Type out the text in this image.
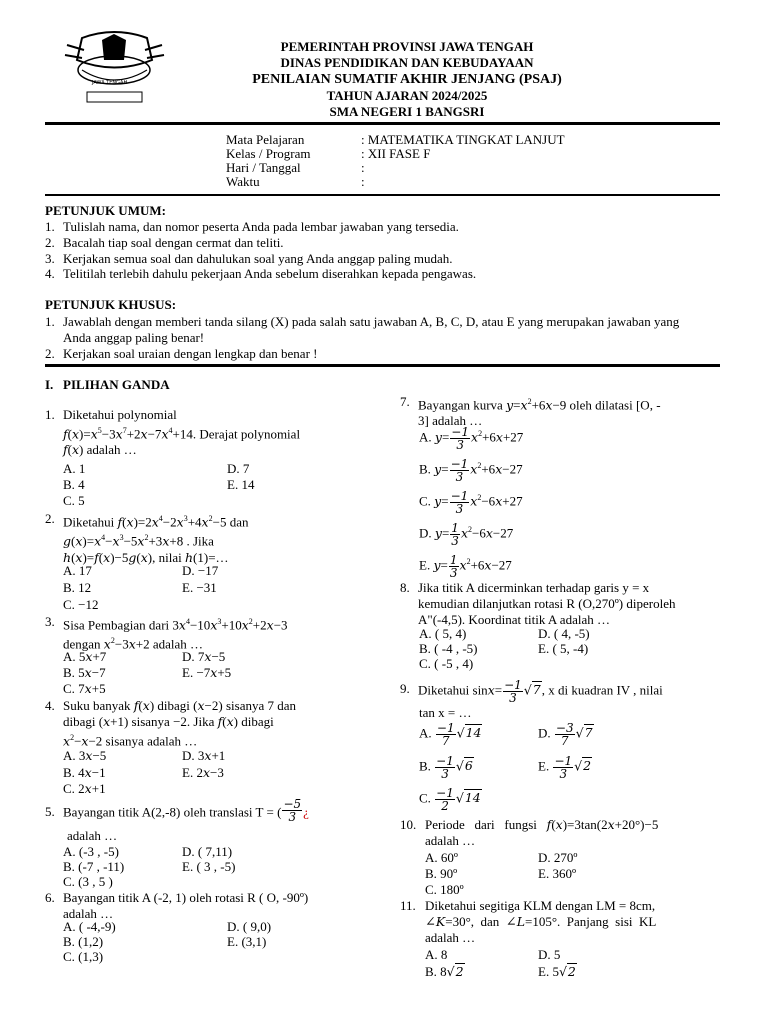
JAWA TENGAH
PEMERINTAH PROVINSI JAWA TENGAH
DINAS PENDIDIKAN DAN KEBUDAYAAN
PENILAIAN SUMATIF AKHIR JENJANG (PSAJ)
TAHUN AJARAN 2024/2025
SMA NEGERI 1 BANGSRI
Mata Pelajaran	: MATEMATIKA TINGKAT LANJUT
Kelas / Program	: XII FASE F
Hari / Tanggal	:
Waktu	:
PETUNJUK UMUM:
1. Tulislah nama, dan nomor peserta Anda pada lembar jawaban yang tersedia.
2. Bacalah tiap soal dengan cermat dan teliti.
3. Kerjakan semua soal dan dahulukan soal yang Anda anggap paling mudah.
4. Telitilah terlebih dahulu pekerjaan Anda sebelum diserahkan kepada pengawas.
PETUNJUK KHUSUS:
1. Jawablah dengan memberi tanda silang (X) pada salah satu jawaban A, B, C, D, atau E yang merupakan jawaban yang
Anda anggap paling benar!
2. Kerjakan soal uraian dengan lengkap dan benar !
I.   PILIHAN GANDA
1. Diketahui polynomial
$f(x)=x^5-3x^7+2x-7x^4+14$. Derajat polynomial
f(x) adalah …
A. 1	D. 7
B. 4	E. 14
C. 5
2. Diketahui $f(x)=2x^4-2x^3+4x^2-5$ dan
$g(x)=x^4-x^3-5x^2+3x+8$ . Jika
h(x)=f(x)−5g(x), nilai h(1)=…
A. 17	D. −17
B. 12	E. −31
C. −12
3. Sisa Pembagian dari $3x^4-10x^3+10x^2+2x-3$
dengan $x^2-3x+2$ adalah …
A. 5x+7	D. 7x−5
B. 5x−7	E. −7x+5
C. 7x+5
4. Suku banyak f(x) dibagi (x−2) sisanya 7 dan
dibagi (x+1) sisanya −2. Jika f(x) dibagi
$x^2-x-2$ sisanya adalah …
A. 3x−5	D. 3x+1
B. 4x−1	E. 2x−3
C. 2x+1
5. Bayangan titik A(2,-8) oleh translasi T = ( $\frac{-5}{3}$ ¿
adalah …
A. (-3 , -5)	D. ( 7,11)
B. (-7 , -11)	E. ( 3 , -5)
C. (3 , 5 )
6. Bayangan titik A (-2, 1) oleh rotasi R ( O, -90º)
adalah …
A. ( -4,-9)	D. ( 9,0)
B. (1,2)	E. (3,1)
C. (1,3)
7. Bayangan kurva $y=x^2+6x-9$ oleh dilatasi [O, -
3] adalah …
A. $y= \frac{-1}{3} x^2+6x+27$
B. $y= \frac{-1}{3} x^2+6x-27$
C. $y= \frac{-1}{3} x^2-6x+27$
D. $y= \frac{1}{3} x^2-6x-27$
E. $y= \frac{1}{3} x^2+6x-27$
8. Jika titik A dicerminkan terhadap garis y = x
kemudian dilanjutkan rotasi R (O,270º) diperoleh
A"(-4,5). Koordinat titik A adalah …
A. ( 5, 4)	D. ( 4, -5)
B. ( -4 , -5)	E. ( 5, -4)
C. ( -5 , 4)
9. Diketahui $\sin x= \frac{-1}{3} √7$, x di kuadran IV , nilai
tan x = …
A. $\frac{-1}{7} √14$	D. $\frac{-3}{7} √7$
B. $\frac{-1}{3} √6$	E. $\frac{-1}{3} √2$
C. $\frac{-1}{2} √14$
10. Periode   dari   fungsi   f(x)=3tan(2x+20°)−5
adalah …
A. 60º	D. 270º
B. 90º	E. 360º
C. 180º
11. Diketahui segitiga KLM dengan LM = 8cm,
∠K=30°,  dan  ∠L=105°.  Panjang  sisi  KL
adalah …
A. 8	D. 5
B. 8√2	E. 5√2
